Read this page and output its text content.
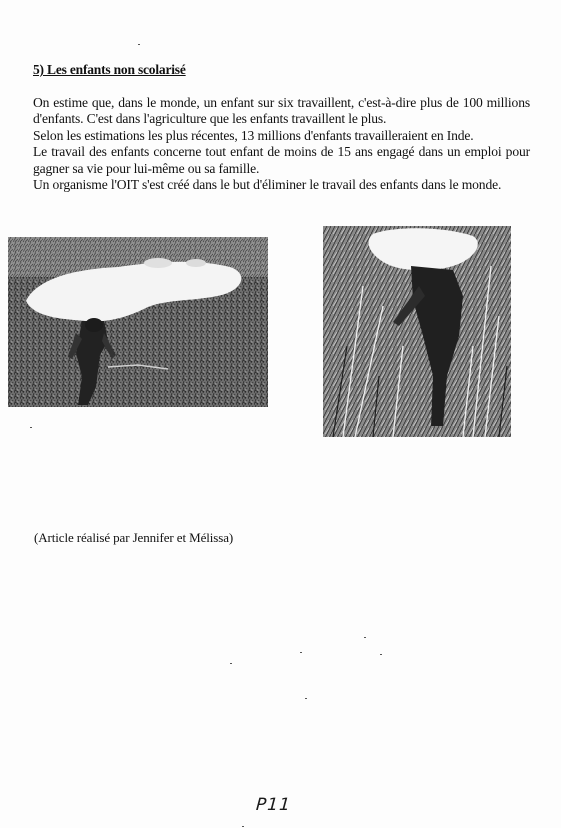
5) Les enfants non scolarisé

On estime que, dans le monde, un enfant sur six travaillent, c'est-à-dire plus de 100 millions d'enfants. C'est dans l'agriculture que les enfants travaillent le plus.

Selon les estimations les plus récentes, 13 millions d'enfants travailleraient en Inde.

Le travail des enfants concerne tout enfant de moins de 15 ans engagé dans un emploi pour gagner sa vie pour lui-même ou sa famille.

Un organisme l'OIT s'est créé dans le but d'éliminer le travail des enfants dans le monde.

(Article réalisé par Jennifer et Mélissa)
P11
